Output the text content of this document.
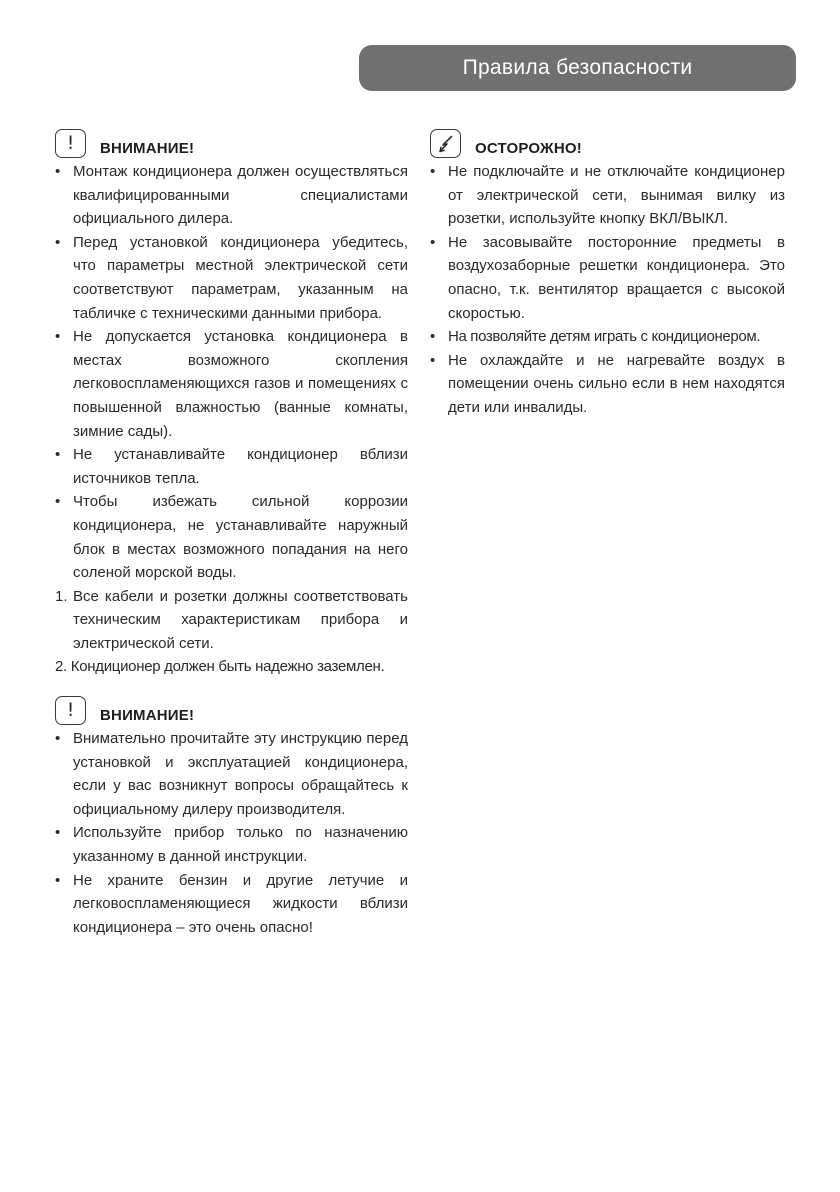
Правила безопасности
!	ВНИМАНИЕ!
• Монтаж кондиционера должен осуществляться квалифицированными специалистами официального дилера.
• Перед установкой кондиционера убедитесь, что параметры местной электрической сети соответствуют параметрам, указанным на табличке с техническими данными прибора.
• Не допускается установка кондиционера в местах возможного скопления легковоспламеняющихся газов и помещениях с повышенной влажностью (ванные комнаты, зимние сады).
• Не устанавливайте кондиционер вблизи источников тепла.
• Чтобы избежать сильной коррозии кондиционера, не устанавливайте наружный блок в местах возможного попадания на него соленой морской воды.
1. Все кабели и розетки должны соответствовать техническим характеристикам прибора и электрической сети.
2. Кондиционер должен быть надежно заземлен.
!	ВНИМАНИЕ!
• Внимательно прочитайте эту инструкцию перед установкой и эксплуатацией кондиционера, если у вас возникнут вопросы обращайтесь к официальному дилеру производителя.
• Используйте прибор только по назначению указанному в данной инструкции.
• Не храните бензин и другие летучие и легковоспламеняющиеся жидкости вблизи кондиционера – это очень опасно!
ОСТОРОЖНО!
• Не подключайте и не отключайте кондиционер от электрической сети, вынимая вилку из розетки, используйте кнопку ВКЛ/ВЫКЛ.
• Не засовывайте посторонние предметы в воздухозаборные решетки кондиционера. Это опасно, т.к. вентилятор вращается с высокой скоростью.
• На позволяйте детям играть с кондиционером.
• Не охлаждайте и не нагревайте воздух в помещении очень сильно если в нем находятся дети или инвалиды.
